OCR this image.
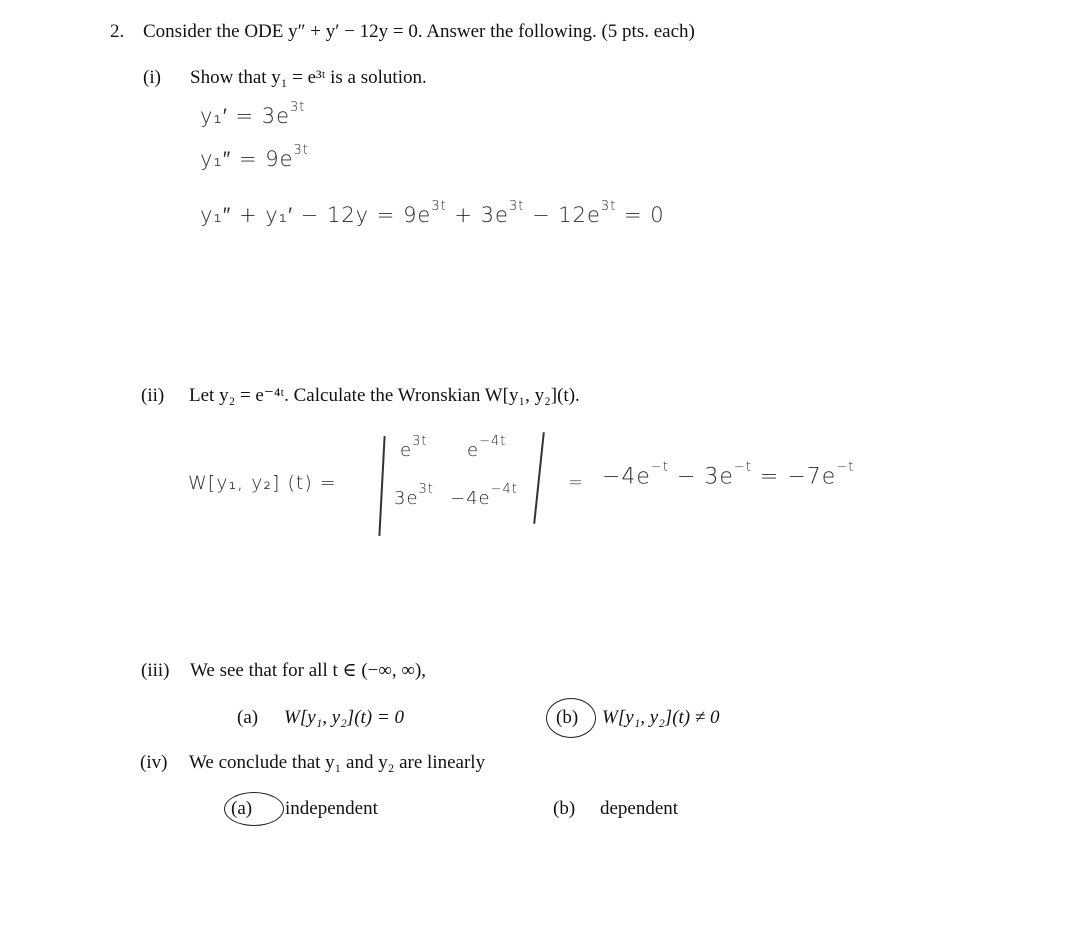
2. Consider the ODE y″ + y′ − 12y = 0. Answer the following. (5 pts. each)
(i) Show that y₁ = e³ᵗ is a solution.
$y_1' = 3e^{3t}$
$y_1'' = 9e^{3t}$
$y_1'' + y_1' - 12y = 9e^{3t} + 3e^{3t} - 12e^{3t} = 0$
(ii) Let y₂ = e⁻⁴ᵗ. Calculate the Wronskian W[y₁, y₂](t).
W[y₁, y₂] (t) =
$e^{3t}$ $e^{-4t}$
$3e^{3t} -4e^{-4t}$	= $-4e^{-t} - 3e^{-t} = -7e^{-t}$
(iii) We see that for all t ∈ (−∞, ∞),
(a) W[y₁, y₂](t) = 0	(b) W[y₁, y₂](t) ≠ 0
(iv) We conclude that y₁ and y₂ are linearly
(a) independent	(b) dependent
